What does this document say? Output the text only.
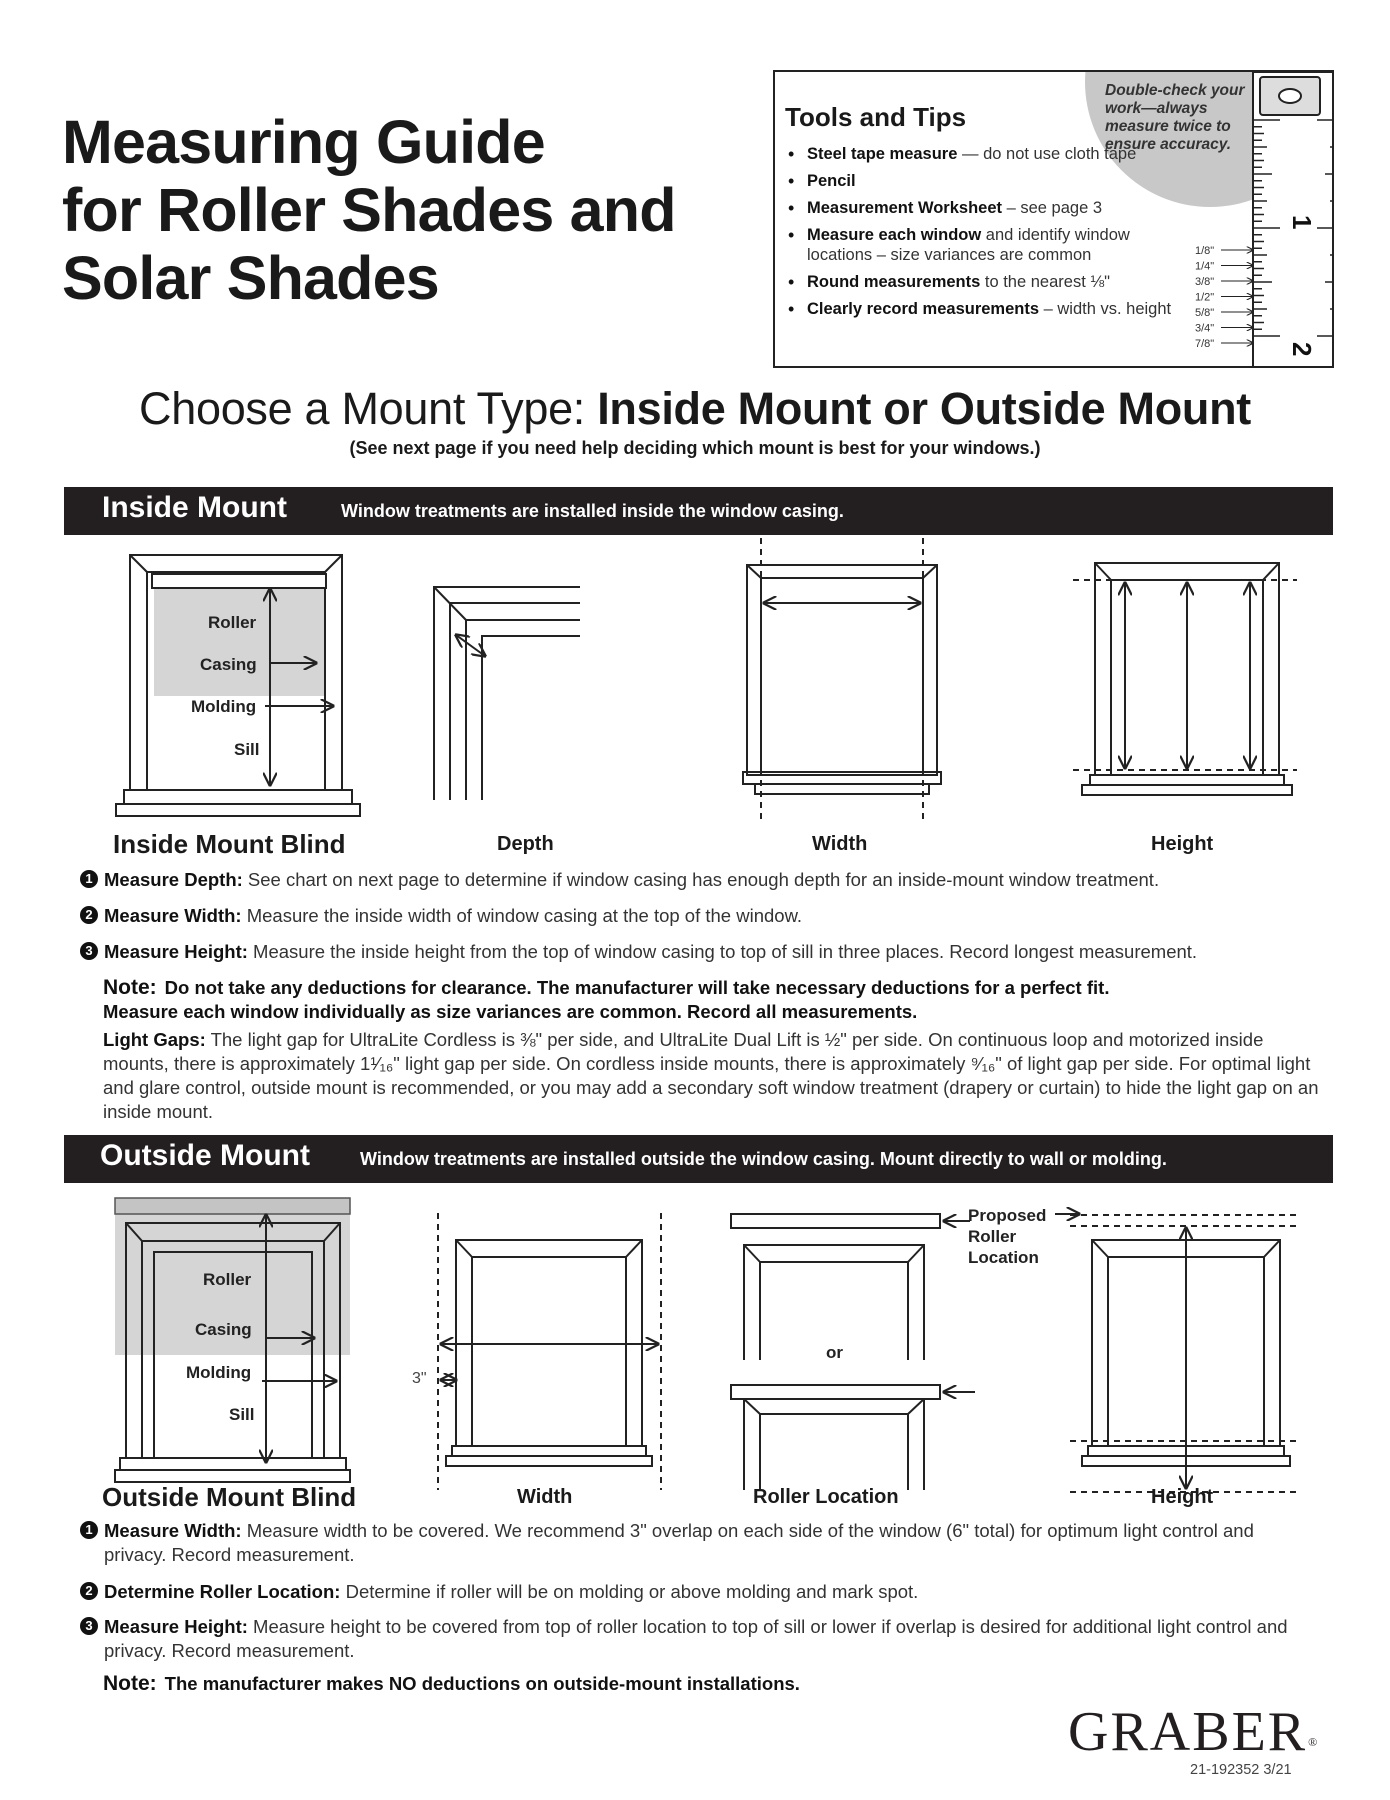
Measuring Guide
for Roller Shades and
Solar Shades
Double-check your work—always measure twice to ensure accuracy.
1
2
1/8"
1/4"
3/8"
1/2"
5/8"
3/4"
7/8"
Tools and Tips
• Steel tape measure — do not use cloth tape
• Pencil
• Measurement Worksheet – see page 3
• Measure each window and identify window locations – size variances are common
• Round measurements to the nearest ⅛"
• Clearly record measurements – width vs. height
Choose a Mount Type: Inside Mount or Outside Mount
(See next page if you need help deciding which mount is best for your windows.)
Inside Mount	Window treatments are installed inside the window casing.
Roller
Casing
Molding
Sill
Inside Mount Blind	Depth	Width	Height
1 Measure Depth: See chart on next page to determine if window casing has enough depth for an inside-mount window treatment.
2 Measure Width: Measure the inside width of window casing at the top of the window.
3 Measure Height: Measure the inside height from the top of window casing to top of sill in three places. Record longest measurement.
Note: Do not take any deductions for clearance. The manufacturer will take necessary deductions for a perfect fit.
Measure each window individually as size variances are common. Record all measurements.
Light Gaps: The light gap for UltraLite Cordless is ⅜" per side, and UltraLite Dual Lift is ½" per side. On continuous loop and motorized inside mounts, there is approximately 1¹⁄₁₆" light gap per side. On cordless inside mounts, there is approximately ⁹⁄₁₆" of light gap per side. For optimal light and glare control, outside mount is recommended, or you may add a secondary soft window treatment (drapery or curtain) to hide the light gap on an inside mount.
Outside Mount	Window treatments are installed outside the window casing. Mount directly to wall or molding.
Roller
Casing
Molding
Sill
3"
or
Proposed
Roller
Location
Outside Mount Blind	Width	Roller Location	Height
1 Measure Width: Measure width to be covered. We recommend 3" overlap on each side of the window (6" total) for optimum light control and privacy. Record measurement.
2 Determine Roller Location: Determine if roller will be on molding or above molding and mark spot.
3 Measure Height: Measure height to be covered from top of roller location to top of sill or lower if overlap is desired for additional light control and privacy. Record measurement.
Note: The manufacturer makes NO deductions on outside-mount installations.
GRABER®
21-192352 3/21
